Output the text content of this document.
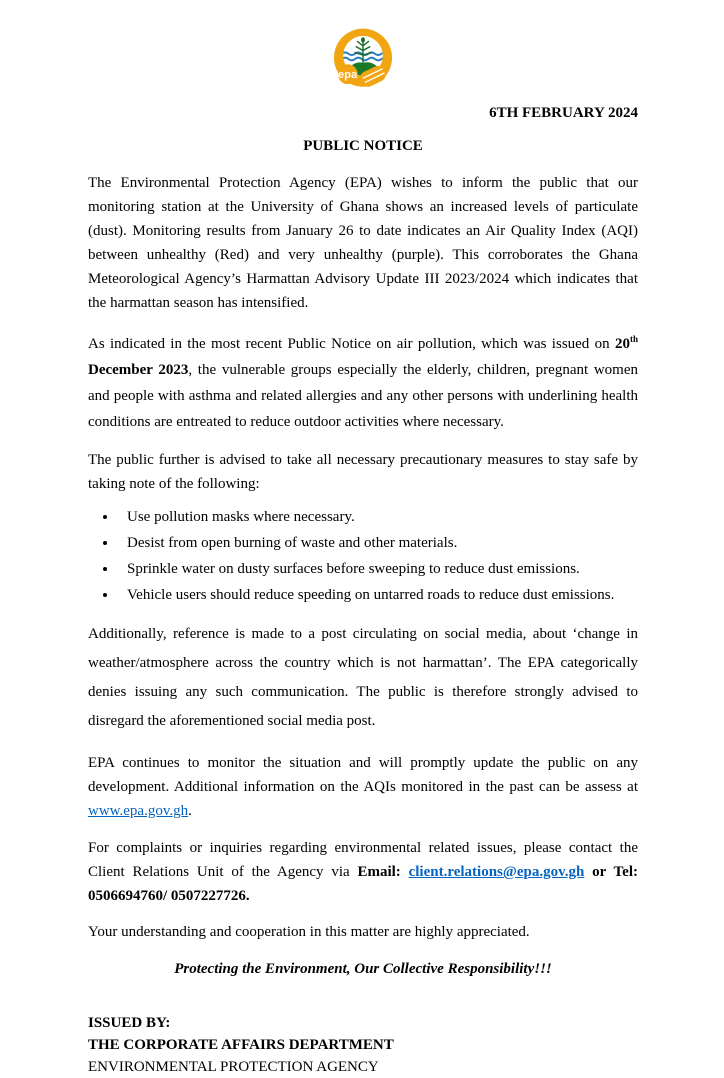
epa
6TH FEBRUARY 2024
PUBLIC NOTICE

The Environmental Protection Agency (EPA) wishes to inform the public that our monitoring station at the University of Ghana shows an increased levels of particulate (dust). Monitoring results from January 26 to date indicates an Air Quality Index (AQI) between unhealthy (Red) and very unhealthy (purple). This corroborates the Ghana Meteorological Agency’s Harmattan Advisory Update III 2023/2024 which indicates that the harmattan season has intensified.

As indicated in the most recent Public Notice on air pollution, which was issued on 20th December 2023, the vulnerable groups especially the elderly, children, pregnant women and people with asthma and related allergies and any other persons with underlining health conditions are entreated to reduce outdoor activities where necessary.

The public further is advised to take all necessary precautionary measures to stay safe by taking note of the following:

• Use pollution masks where necessary.
• Desist from open burning of waste and other materials.
• Sprinkle water on dusty surfaces before sweeping to reduce dust emissions.
• Vehicle users should reduce speeding on untarred roads to reduce dust emissions.

Additionally, reference is made to a post circulating on social media, about ‘change in weather/atmosphere across the country which is not harmattan’. The EPA categorically denies issuing any such communication. The public is therefore strongly advised to disregard the aforementioned social media post.

EPA continues to monitor the situation and will promptly update the public on any development. Additional information on the AQIs monitored in the past can be assess at www.epa.gov.gh.

For complaints or inquiries regarding environmental related issues, please contact the Client Relations Unit of the Agency via Email: client.relations@epa.gov.gh or Tel: 0506694760/ 0507227726.

Your understanding and cooperation in this matter are highly appreciated.

Protecting the Environment, Our Collective Responsibility!!!
ISSUED BY:
THE CORPORATE AFFAIRS DEPARTMENT
ENVIRONMENTAL PROTECTION AGENCY
